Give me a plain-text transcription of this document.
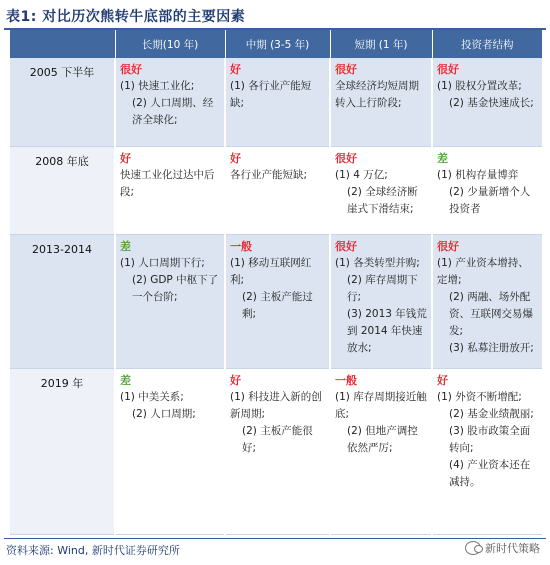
表1: 对比历次熊转牛底部的主要因素
	长期(10 年)	中期 (3-5 年)	短期 (1 年)	投资者结构
2005 下半年	很好
(1) 快速工业化;
(2) 人口周期、经济全球化;	好
(1) 各行业产能短缺;	很好
全球经济均短周期转入上行阶段;	很好
(1) 股权分置改革;
(2) 基金快速成长;

2008 年底	好
快速工业化过达中后段;	好
各行业产能短缺;	很好
(1) 4 万亿;
(2) 全球经济断崖式下滑结束;	差
(1) 机构存量博弈
(2) 少量新增个人投资者

2013-2014	差
(1) 人口周期下行;
(2) GDP 中枢下了一个台阶;	一般
(1) 移动互联网红利;
(2) 主板产能过剩;	很好
(1) 各类转型并购;
(2) 库存周期下行;
(3) 2013 年钱荒到 2014 年快速放水;	很好
(1) 产业资本增持、定增;
(2) 两融、场外配资、互联网交易爆发;
(3) 私募注册放开;

2019 年	差
(1) 中美关系;
(2) 人口周期;	好
(1) 科技进入新的创新周期;
(2) 主板产能很好;	一般
(1) 库存周期接近触底;
(2) 但地产调控依然严厉;	好
(1) 外资不断增配;
(2) 基金业绩靓丽;
(3) 股市政策全面转向;
(4) 产业资本还在减持。
资料来源: Wind, 新时代证券研究所	新时代策略
